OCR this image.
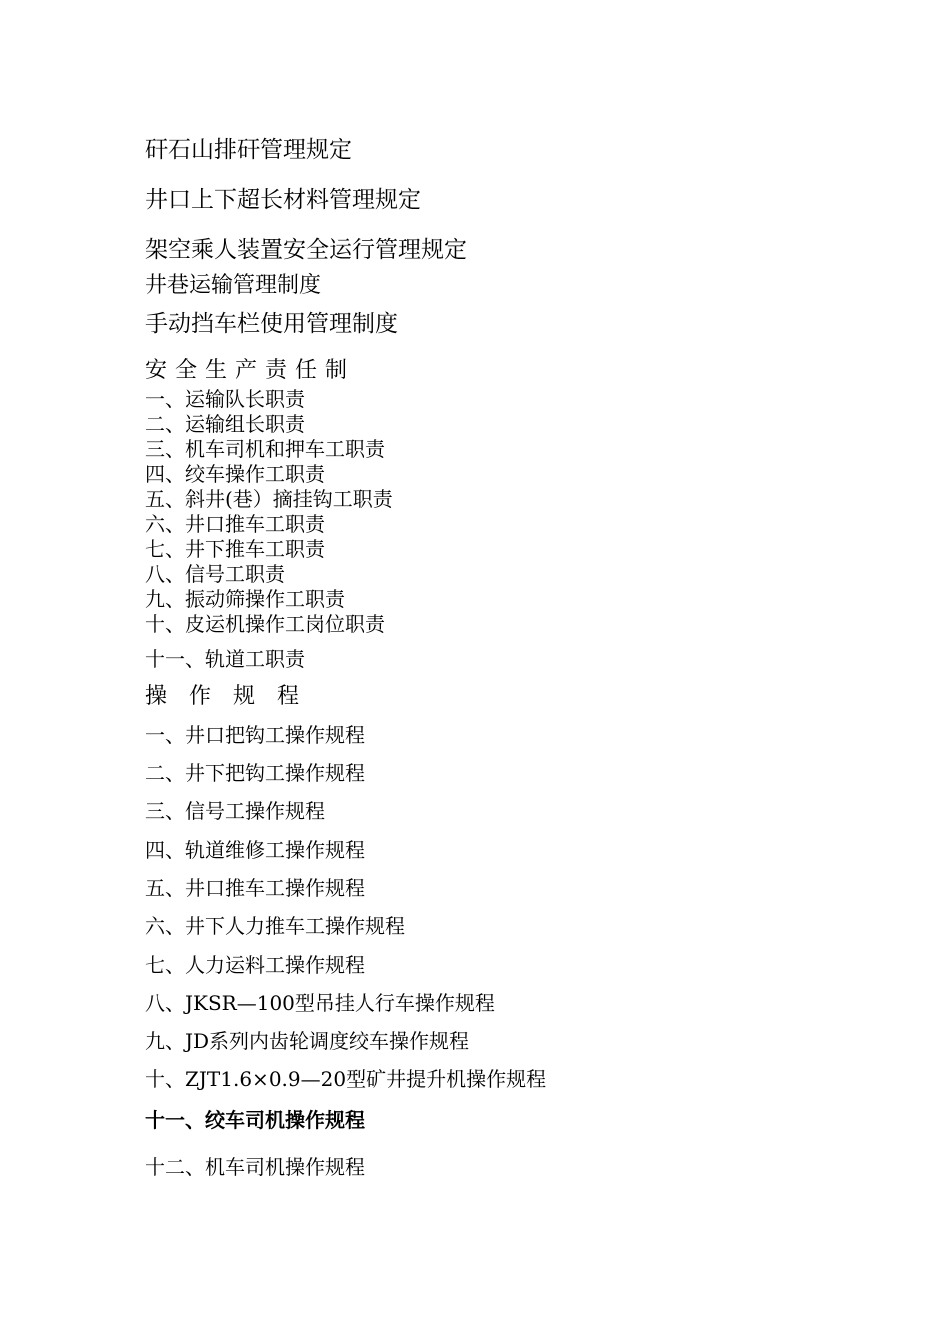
矸石山排矸管理规定
井口上下超长材料管理规定
架空乘人装置安全运行管理规定
井巷运输管理制度
手动挡车栏使用管理制度
安全生产责任制
一、运输队长职责
二、运输组长职责
三、机车司机和押车工职责
四、绞车操作工职责
五、斜井(巷）摘挂钩工职责
六、井口推车工职责
七、井下推车工职责
八、信号工职责
九、振动筛操作工职责
十、皮运机操作工岗位职责
十一、轨道工职责
操作规程
一、井口把钩工操作规程
二、井下把钩工操作规程
三、信号工操作规程
四、轨道维修工操作规程
五、井口推车工操作规程
六、井下人力推车工操作规程
七、人力运料工操作规程
八、JKSR—100型吊挂人行车操作规程
九、JD系列内齿轮调度绞车操作规程
十、ZJT1.6×0.9—20型矿井提升机操作规程
十一、绞车司机操作规程
十二、机车司机操作规程
